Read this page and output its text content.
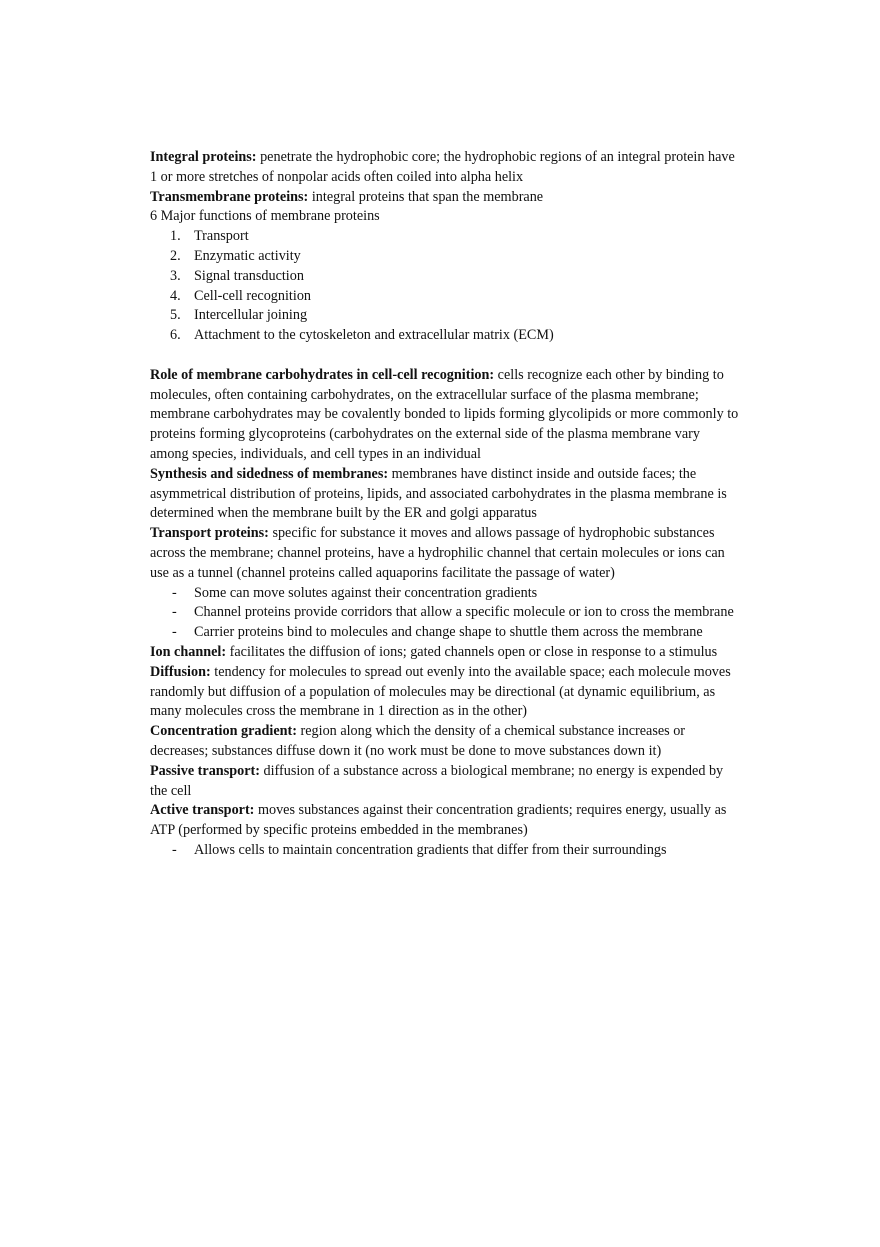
Integral proteins: penetrate the hydrophobic core; the hydrophobic regions of an integral protein have 1 or more stretches of nonpolar acids often coiled into alpha helix

Transmembrane proteins: integral proteins that span the membrane

6 Major functions of membrane proteins

1. Transport
2. Enzymatic activity
3. Signal transduction
4. Cell-cell recognition
5. Intercellular joining
6. Attachment to the cytoskeleton and extracellular matrix (ECM)

Role of membrane carbohydrates in cell-cell recognition: cells recognize each other by binding to molecules, often containing carbohydrates, on the extracellular surface of the plasma membrane; membrane carbohydrates may be covalently bonded to lipids forming glycolipids or more commonly to proteins forming glycoproteins (carbohydrates on the external side of the plasma membrane vary among species, individuals, and cell types in an individual

Synthesis and sidedness of membranes: membranes have distinct inside and outside faces; the asymmetrical distribution of proteins, lipids, and associated carbohydrates in the plasma membrane is determined when the membrane built by the ER and golgi apparatus

Transport proteins: specific for substance it moves and allows passage of hydrophobic substances across the membrane; channel proteins, have a hydrophilic channel that certain molecules or ions can use as a tunnel (channel proteins called aquaporins facilitate the passage of water)

- Some can move solutes against their concentration gradients
- Channel proteins provide corridors that allow a specific molecule or ion to cross the membrane
- Carrier proteins bind to molecules and change shape to shuttle them across the membrane

Ion channel: facilitates the diffusion of ions; gated channels open or close in response to a stimulus

Diffusion: tendency for molecules to spread out evenly into the available space; each molecule moves randomly but diffusion of a population of molecules may be directional (at dynamic equilibrium, as many molecules cross the membrane in 1 direction as in the other)

Concentration gradient: region along which the density of a chemical substance increases or decreases; substances diffuse down it (no work must be done to move substances down it)

Passive transport: diffusion of a substance across a biological membrane; no energy is expended by the cell

Active transport: moves substances against their concentration gradients; requires energy, usually as ATP (performed by specific proteins embedded in the membranes)

- Allows cells to maintain concentration gradients that differ from their surroundings
